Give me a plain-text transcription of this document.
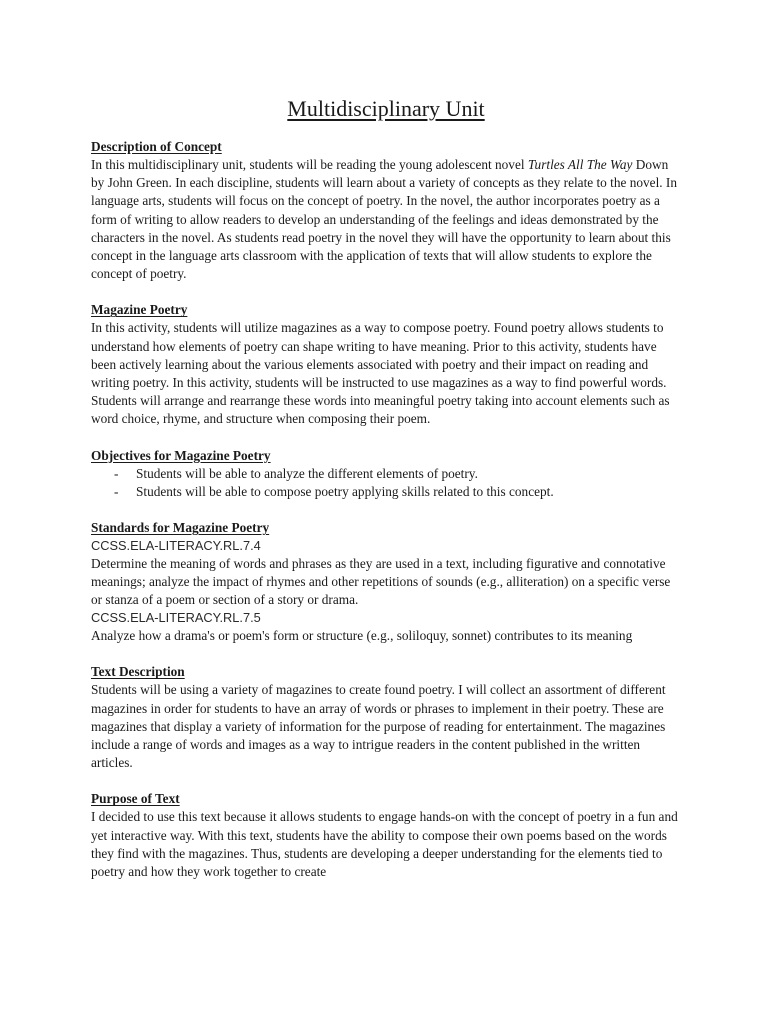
Multidisciplinary Unit

Description of Concept

In this multidisciplinary unit, students will be reading the young adolescent novel Turtles All The Way Down by John Green. In each discipline, students will learn about a variety of concepts as they relate to the novel. In language arts, students will focus on the concept of poetry. In the novel, the author incorporates poetry as a form of writing to allow readers to develop an understanding of the feelings and ideas demonstrated by the characters in the novel. As students read poetry in the novel they will have the opportunity to learn about this concept in the language arts classroom with the application of texts that will allow students to explore the concept of poetry.

Magazine Poetry

In this activity, students will utilize magazines as a way to compose poetry. Found poetry allows students to understand how elements of poetry can shape writing to have meaning. Prior to this activity, students have been actively learning about the various elements associated with poetry and their impact on reading and writing poetry. In this activity, students will be instructed to use magazines as a way to find powerful words. Students will arrange and rearrange these words into meaningful poetry taking into account elements such as word choice, rhyme, and structure when composing their poem.

Objectives for Magazine Poetry

- Students will be able to analyze the different elements of poetry.
- Students will be able to compose poetry applying skills related to this concept.

Standards for Magazine Poetry

CCSS.ELA-LITERACY.RL.7.4

Determine the meaning of words and phrases as they are used in a text, including figurative and connotative meanings; analyze the impact of rhymes and other repetitions of sounds (e.g., alliteration) on a specific verse or stanza of a poem or section of a story or drama.

CCSS.ELA-LITERACY.RL.7.5

Analyze how a drama's or poem's form or structure (e.g., soliloquy, sonnet) contributes to its meaning

Text Description

Students will be using a variety of magazines to create found poetry. I will collect an assortment of different magazines in order for students to have an array of words or phrases to implement in their poetry. These are magazines that display a variety of information for the purpose of reading for entertainment. The magazines include a range of words and images as a way to intrigue readers in the content published in the written articles.

Purpose of Text

I decided to use this text because it allows students to engage hands-on with the concept of poetry in a fun and yet interactive way. With this text, students have the ability to compose their own poems based on the words they find with the magazines. Thus, students are developing a deeper understanding for the elements tied to poetry and how they work together to create
